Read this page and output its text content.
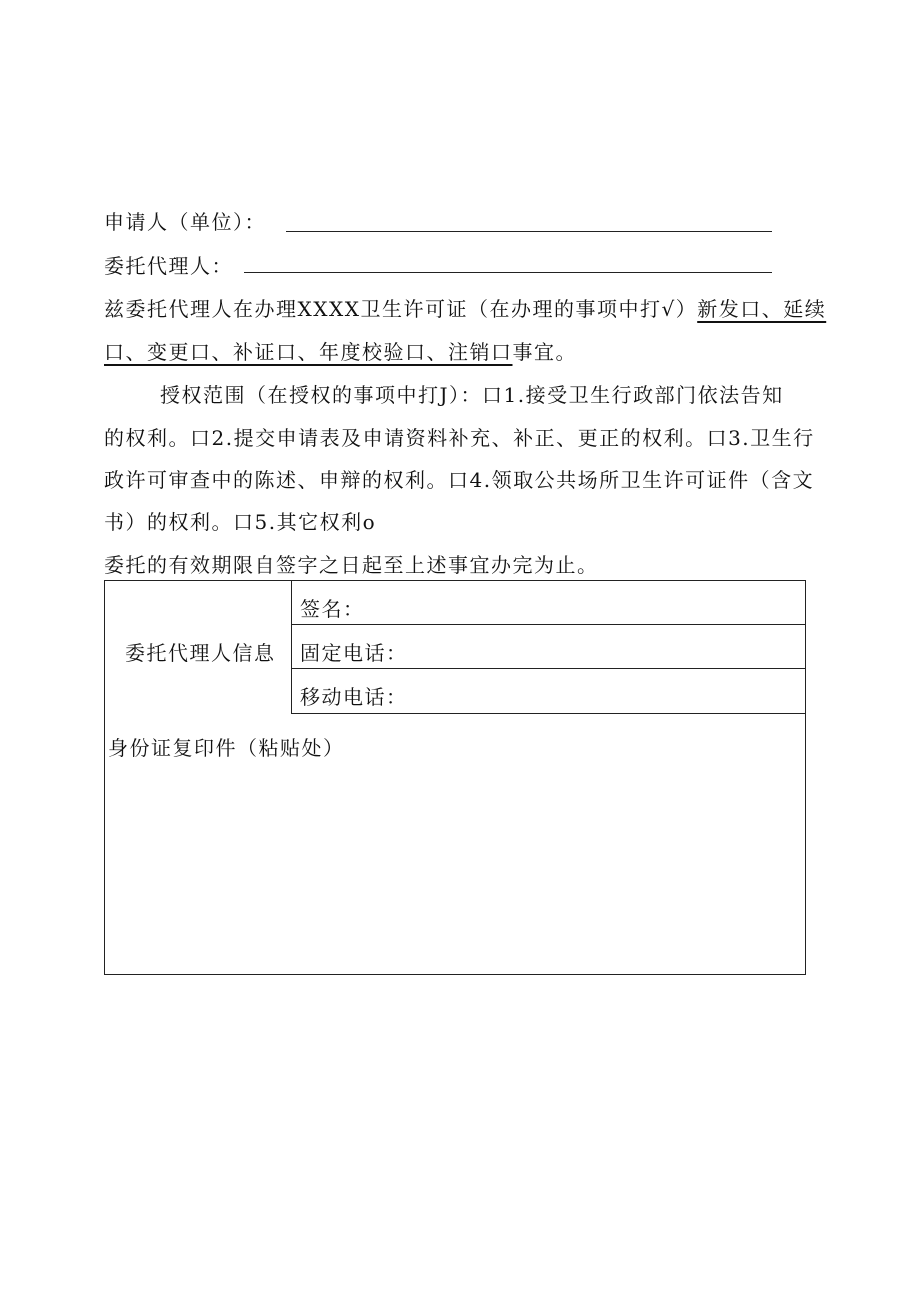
申请人（单位）：
委托代理人：
兹委托代理人在办理XXXX卫生许可证（在办理的事项中打√）新发口、延续
口、变更口、补证口、年度校验口、注销口事宜。
授权范围（在授权的事项中打J）：口1.接受卫生行政部门依法告知
的权利。口2.提交申请表及申请资料补充、补正、更正的权利。口3.卫生行
政许可审查中的陈述、申辩的权利。口4.领取公共场所卫生许可证件（含文
书）的权利。口5.其它权利o
委托的有效期限自签字之日起至上述事宜办完为止。
委托代理人信息
签名：
固定电话：
移动电话：
身份证复印件（粘贴处）
